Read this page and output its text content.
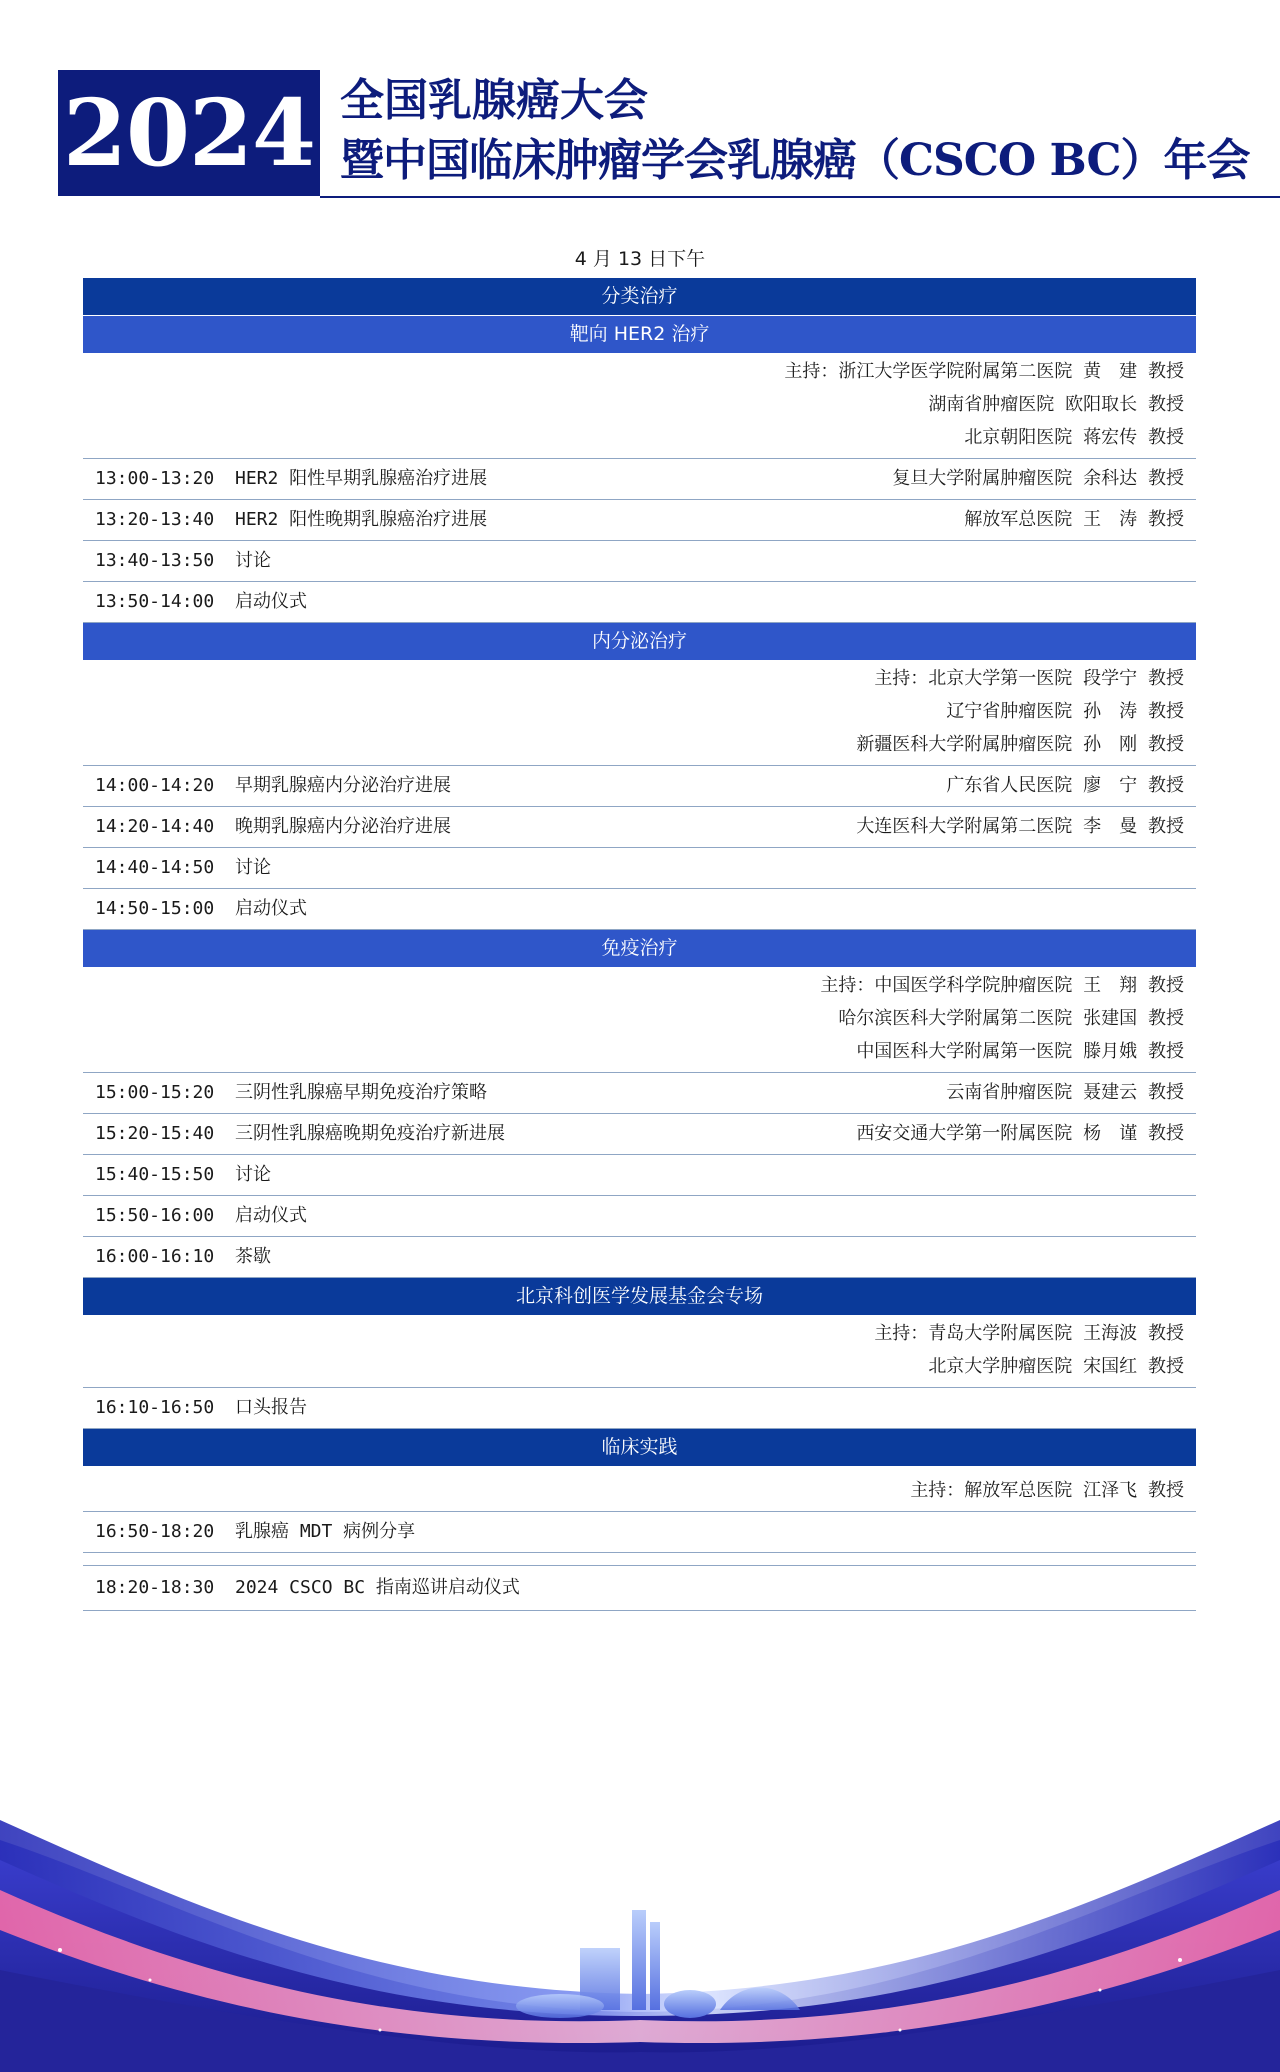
2024 全国乳腺癌大会
暨中国临床肿瘤学会乳腺癌（CSCO BC）年会
4 月 13 日下午
分类治疗
靶向 HER2 治疗
主持：浙江大学医学院附属第二医院 黄　建 教授
湖南省肿瘤医院 欧阳取长 教授
北京朝阳医院 蒋宏传 教授
13:00-13:20	HER2 阳性早期乳腺癌治疗进展	复旦大学附属肿瘤医院 余科达 教授
13:20-13:40	HER2 阳性晚期乳腺癌治疗进展	解放军总医院 王　涛 教授
13:40-13:50	讨论
13:50-14:00	启动仪式
内分泌治疗
主持：北京大学第一医院 段学宁 教授
辽宁省肿瘤医院 孙　涛 教授
新疆医科大学附属肿瘤医院 孙　刚 教授
14:00-14:20	早期乳腺癌内分泌治疗进展	广东省人民医院 廖　宁 教授
14:20-14:40	晚期乳腺癌内分泌治疗进展	大连医科大学附属第二医院 李　曼 教授
14:40-14:50	讨论
14:50-15:00	启动仪式
免疫治疗
主持：中国医学科学院肿瘤医院 王　翔 教授
哈尔滨医科大学附属第二医院 张建国 教授
中国医科大学附属第一医院 滕月娥 教授
15:00-15:20	三阴性乳腺癌早期免疫治疗策略	云南省肿瘤医院 聂建云 教授
15:20-15:40	三阴性乳腺癌晚期免疫治疗新进展	西安交通大学第一附属医院 杨　谨 教授
15:40-15:50	讨论
15:50-16:00	启动仪式
16:00-16:10	茶歇
北京科创医学发展基金会专场
主持：青岛大学附属医院 王海波 教授
北京大学肿瘤医院 宋国红 教授
16:10-16:50	口头报告
临床实践
主持：解放军总医院 江泽飞 教授
16:50-18:20	乳腺癌 MDT 病例分享
18:20-18:30	2024 CSCO BC 指南巡讲启动仪式
